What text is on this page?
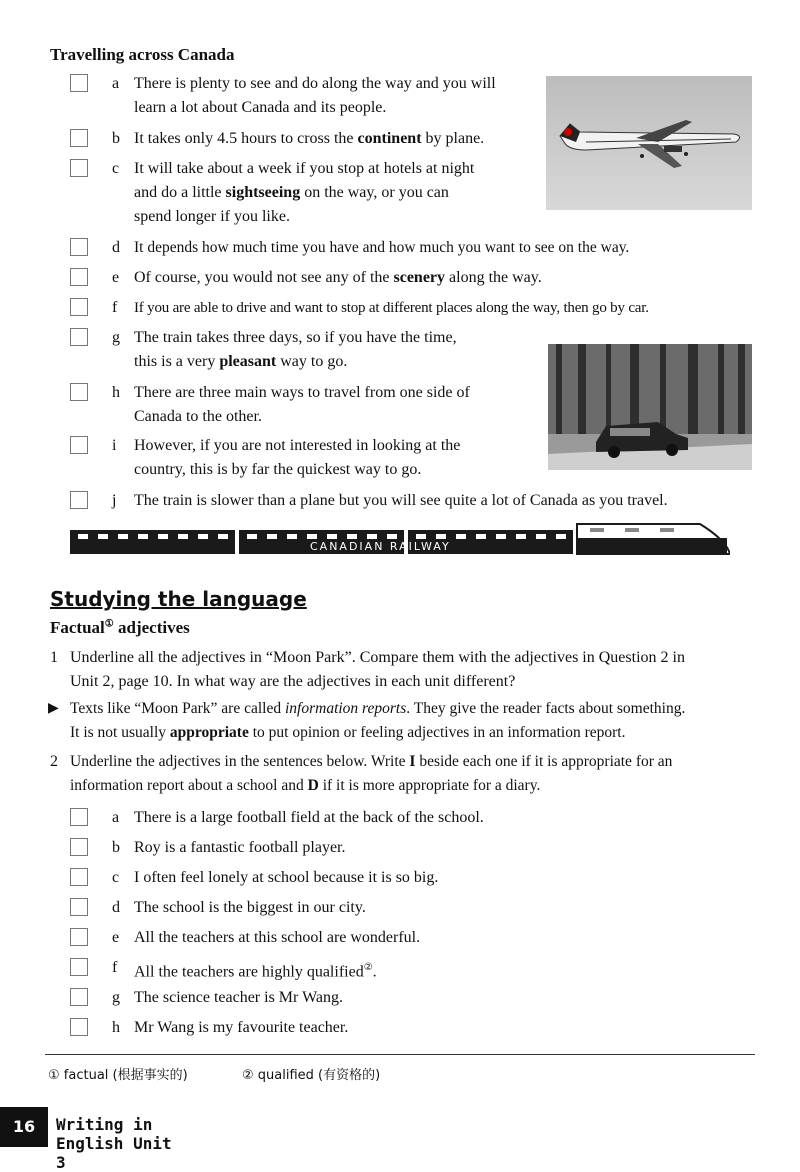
Travelling across Canada
a There is plenty to see and do along the way and you will
learn a lot about Canada and its people.
b It takes only 4.5 hours to cross the continent by plane.
c It will take about a week if you stop at hotels at night
and do a little sightseeing on the way, or you can
spend longer if you like.
d It depends how much time you have and how much you want to see on the way.
e Of course, you would not see any of the scenery along the way.
f If you are able to drive and want to stop at different places along the way, then go by car.
g The train takes three days, so if you have the time,
this is a very pleasant way to go.
h There are three main ways to travel from one side of
Canada to the other.
i However, if you are not interested in looking at the
country, this is by far the quickest way to go.
j The train is slower than a plane but you will see quite a lot of Canada as you travel.
CANADIAN RAILWAY
Studying the language
Factual① adjectives
1 Underline all the adjectives in “Moon Park”. Compare them with the adjectives in Question 2 in
Unit 2, page 10. In what way are the adjectives in each unit different?
▶ Texts like “Moon Park” are called information reports. They give the reader facts about something.
It is not usually appropriate to put opinion or feeling adjectives in an information report.
2 Underline the adjectives in the sentences below. Write I beside each one if it is appropriate for an
information report about a school and D if it is more appropriate for a diary.
a There is a large football field at the back of the school.
b Roy is a fantastic football player.
c I often feel lonely at school because it is so big.
d The school is the biggest in our city.
e All the teachers at this school are wonderful.
f All the teachers are highly qualified②.
g The science teacher is Mr Wang.
h Mr Wang is my favourite teacher.
① factual (根据事实的)	② qualified (有资格的)
16	Writing in English Unit 3
